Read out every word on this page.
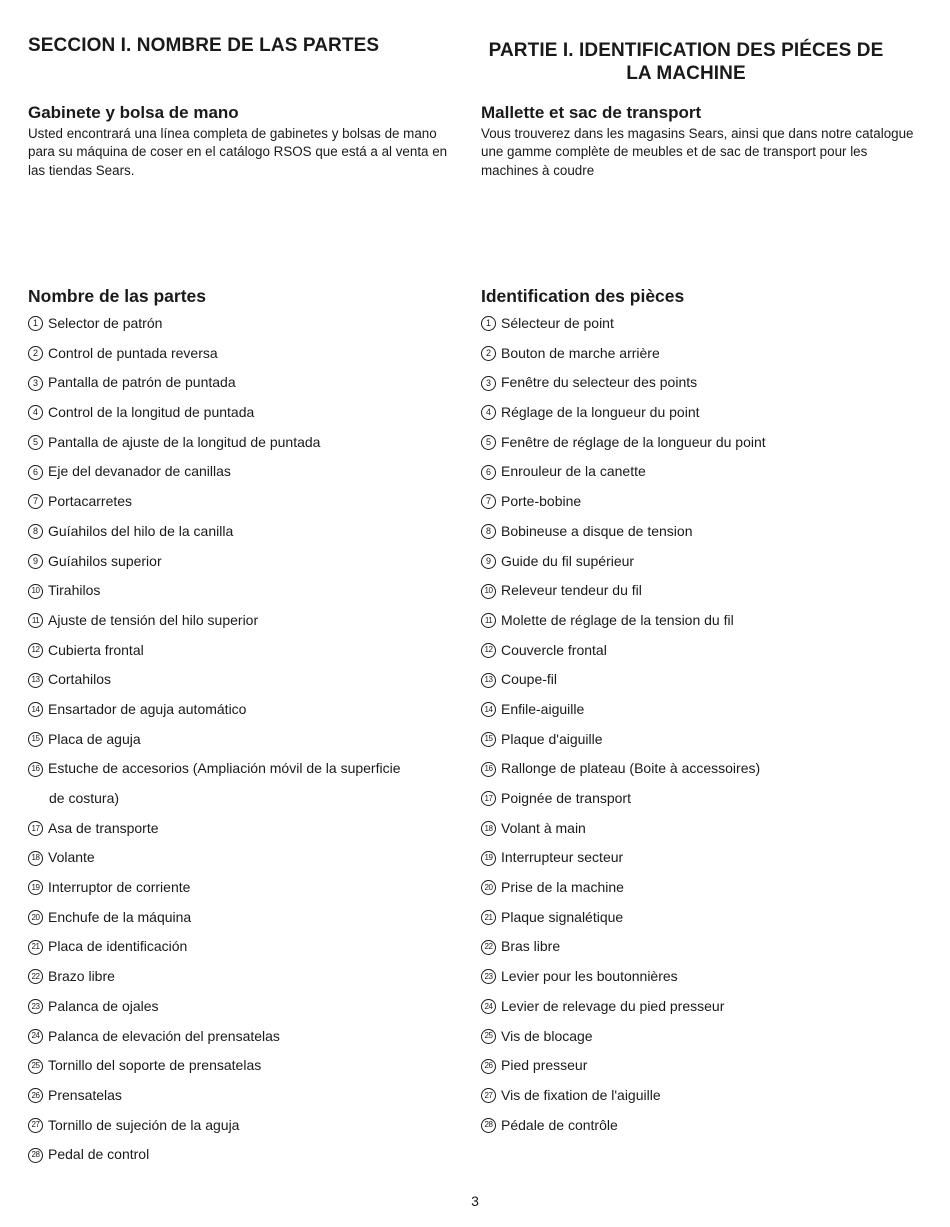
SECCION I. NOMBRE DE LAS PARTES
Gabinete y bolsa de mano
Usted encontrará una línea completa de gabinetes y bolsas de mano para su máquina de coser en el catálogo RSOS que está a al venta en las tiendas Sears.
Nombre de las partes
1 Selector de patrón
2 Control de puntada reversa
3 Pantalla de patrón de puntada
4 Control de la longitud de puntada
5 Pantalla de ajuste de la longitud de puntada
6 Eje del devanador de canillas
7 Portacarretes
8 Guíahilos del hilo de la canilla
9 Guíahilos superior
10 Tirahilos
11 Ajuste de tensión del hilo superior
12 Cubierta frontal
13 Cortahilos
14 Ensartador de aguja automático
15 Placa de aguja
16 Estuche de accesorios (Ampliación móvil de la superficie
de costura)
17 Asa de transporte
18 Volante
19 Interruptor de corriente
20 Enchufe de la máquina
21 Placa de identificación
22 Brazo libre
23 Palanca de ojales
24 Palanca de elevación del prensatelas
25 Tornillo del soporte de prensatelas
26 Prensatelas
27 Tornillo de sujeción de la aguja
28 Pedal de control
PARTIE I. IDENTIFICATION DES PIÉCES DE
LA MACHINE
Mallette et sac de transport
Vous trouverez dans les magasins Sears, ainsi que dans notre catalogue une gamme complète de meubles et de sac de transport pour les machines à coudre
Identification des pièces
1 Sélecteur de point
2 Bouton de marche arrière
3 Fenêtre du selecteur des points
4 Réglage de la longueur du point
5 Fenêtre de réglage de la longueur du point
6 Enrouleur de la canette
7 Porte-bobine
8 Bobineuse a disque de tension
9 Guide du fil supérieur
10 Releveur tendeur du fil
11 Molette de réglage de la tension du fil
12 Couvercle frontal
13 Coupe-fil
14 Enfile-aiguille
15 Plaque d'aiguille
16 Rallonge de plateau (Boite à accessoires)
17 Poignée de transport
18 Volant à main
19 Interrupteur secteur
20 Prise de la machine
21 Plaque signalétique
22 Bras libre
23 Levier pour les boutonnières
24 Levier de relevage du pied presseur
25 Vis de blocage
26 Pied presseur
27 Vis de fixation de l'aiguille
28 Pédale de contrôle
3
